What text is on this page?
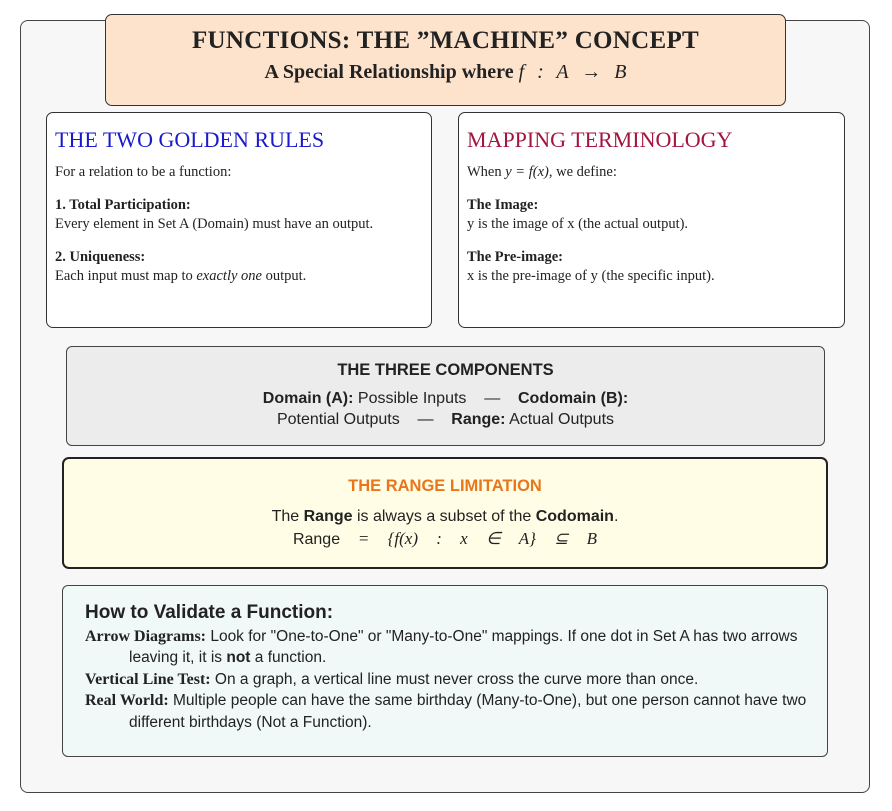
FUNCTIONS: THE ”MACHINE” CONCEPT
A Special Relationship where f : A → B
THE TWO GOLDEN RULES

For a relation to be a function:

1. Total Participation:
Every element in Set A (Domain) must have an output.

2. Uniqueness:
Each input must map to exactly one output.

MAPPING TERMINOLOGY

When y = f(x), we define:

The Image:
y is the image of x (the actual output).

The Pre-image:
x is the pre-image of y (the specific input).

THE THREE COMPONENTS
Domain (A): Possible Inputs — Codomain (B):
Potential Outputs — Range: Actual Outputs
THE RANGE LIMITATION
The Range is always a subset of the Codomain.
Range = {f(x) : x ∈ A} ⊆ B
How to Validate a Function:
Arrow Diagrams: Look for "One-to-One" or "Many-to-One" mappings. If one dot in Set A has two arrows leaving it, it is not a function.
Vertical Line Test: On a graph, a vertical line must never cross the curve more than once.
Real World: Multiple people can have the same birthday (Many-to-One), but one person cannot have two different birthdays (Not a Function).
